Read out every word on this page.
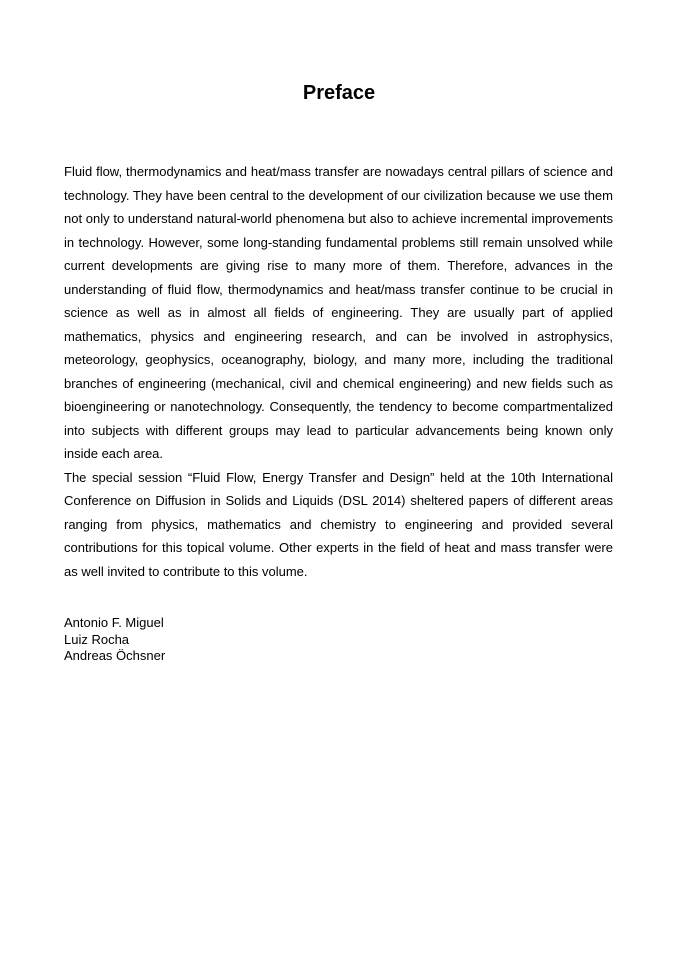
Preface

Fluid flow, thermodynamics and heat/mass transfer are nowadays central pillars of science and technology. They have been central to the development of our civilization because we use them not only to understand natural-world phenomena but also to achieve incremental improvements in technology. However, some long-standing fundamental problems still remain unsolved while current developments are giving rise to many more of them. Therefore, advances in the understanding of fluid flow, thermodynamics and heat/mass transfer continue to be crucial in science as well as in almost all fields of engineering. They are usually part of applied mathematics, physics and engineering research, and can be involved in astrophysics, meteorology, geophysics, oceanography, biology, and many more, including the traditional branches of engineering (mechanical, civil and chemical engineering) and new fields such as bioengineering or nanotechnology. Consequently, the tendency to become compartmentalized into subjects with different groups may lead to particular advancements being known only inside each area.

The special session “Fluid Flow, Energy Transfer and Design” held at the 10th International Conference on Diffusion in Solids and Liquids (DSL 2014) sheltered papers of different areas ranging from physics, mathematics and chemistry to engineering and provided several contributions for this topical volume. Other experts in the field of heat and mass transfer were as well invited to contribute to this volume.

Antonio F. Miguel
Luiz Rocha
Andreas Öchsner
